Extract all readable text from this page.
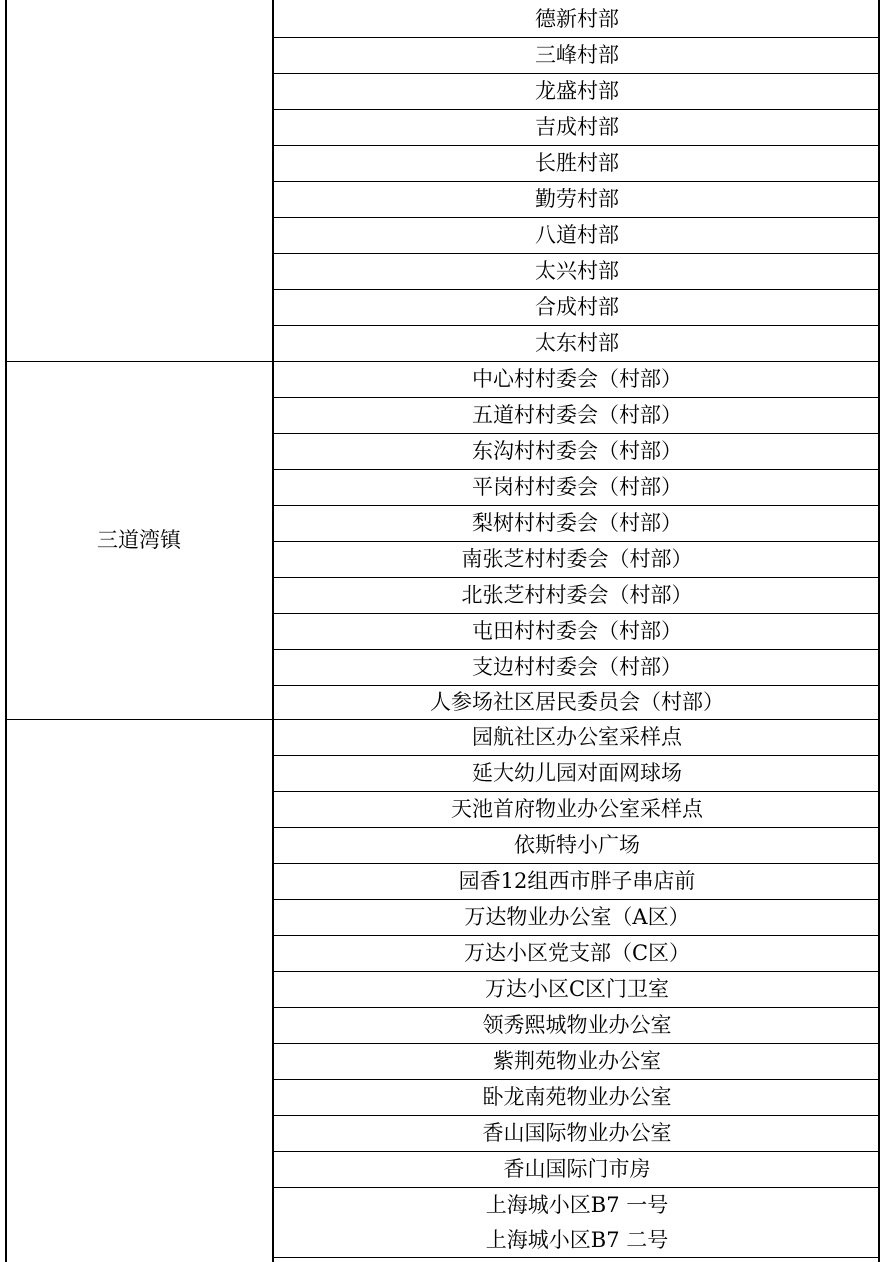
三道湾镇
德新村部
三峰村部
龙盛村部
吉成村部
长胜村部
勤劳村部
八道村部
太兴村部
合成村部
太东村部
中心村村委会（村部）
五道村村委会（村部）
东沟村村委会（村部）
平岗村村委会（村部）
梨树村村委会（村部）
南张芝村村委会（村部）
北张芝村村委会（村部）
屯田村村委会（村部）
支边村村委会（村部）
人参场社区居民委员会（村部）
园航社区办公室采样点
延大幼儿园对面网球场
天池首府物业办公室采样点
依斯特小广场
园香12组西市胖子串店前
万达物业办公室（A区）
万达小区党支部（C区）
万达小区C区门卫室
领秀熙城物业办公室
紫荆苑物业办公室
卧龙南苑物业办公室
香山国际物业办公室
香山国际门市房
上海城小区B7 一号
上海城小区B7 二号
